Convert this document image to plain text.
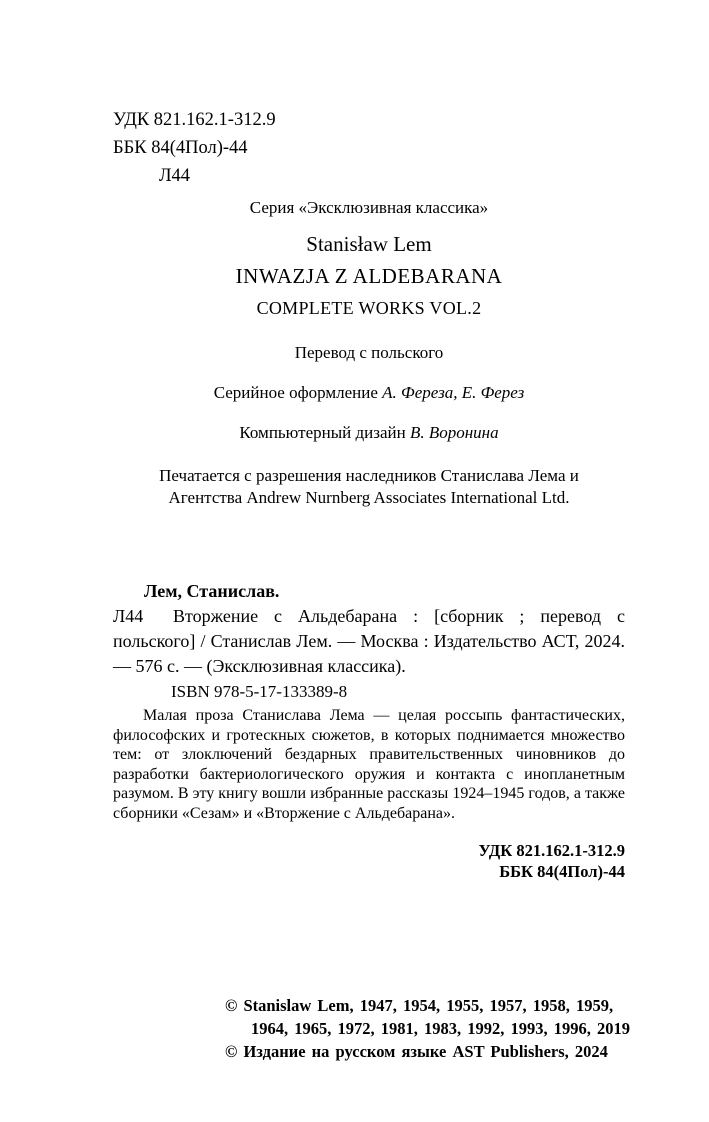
УДК 821.162.1-312.9
ББК 84(4Пол)-44
Л44
Серия «Эксклюзивная классика»
Stanisław Lem
INWAZJA Z ALDEBARANA
COMPLETE WORKS VOL.2
Перевод с польского
Серийное оформление А. Фереза, Е. Ферез
Компьютерный дизайн В. Воронина
Печатается с разрешения наследников Станислава Лема и
Агентства Andrew Nurnberg Associates International Ltd.
Лем, Станислав.
Л44	Вторжение с Альдебарана : [сборник ; перевод с польского] / Станислав Лем. — Москва : Издательство АСТ, 2024. — 576 с. — (Эксклюзивная классика).

ISBN 978-5-17-133389-8

Малая проза Станислава Лема — целая россыпь фантастических, философских и гротескных сюжетов, в которых поднимается множество тем: от злоключений бездарных правительственных чиновников до разработки бактериологического оружия и контакта с инопланетным разумом. В эту книгу вошли избранные рассказы 1924–1945 годов, а также сборники «Сезам» и «Вторжение с Альдебарана».

УДК 821.162.1-312.9
ББК 84(4Пол)-44

© Stanislaw Lem, 1947, 1954, 1955, 1957, 1958, 1959, 1964, 1965, 1972, 1981, 1983, 1992, 1993, 1996, 2019

© Издание на русском языке AST Publishers, 2024
